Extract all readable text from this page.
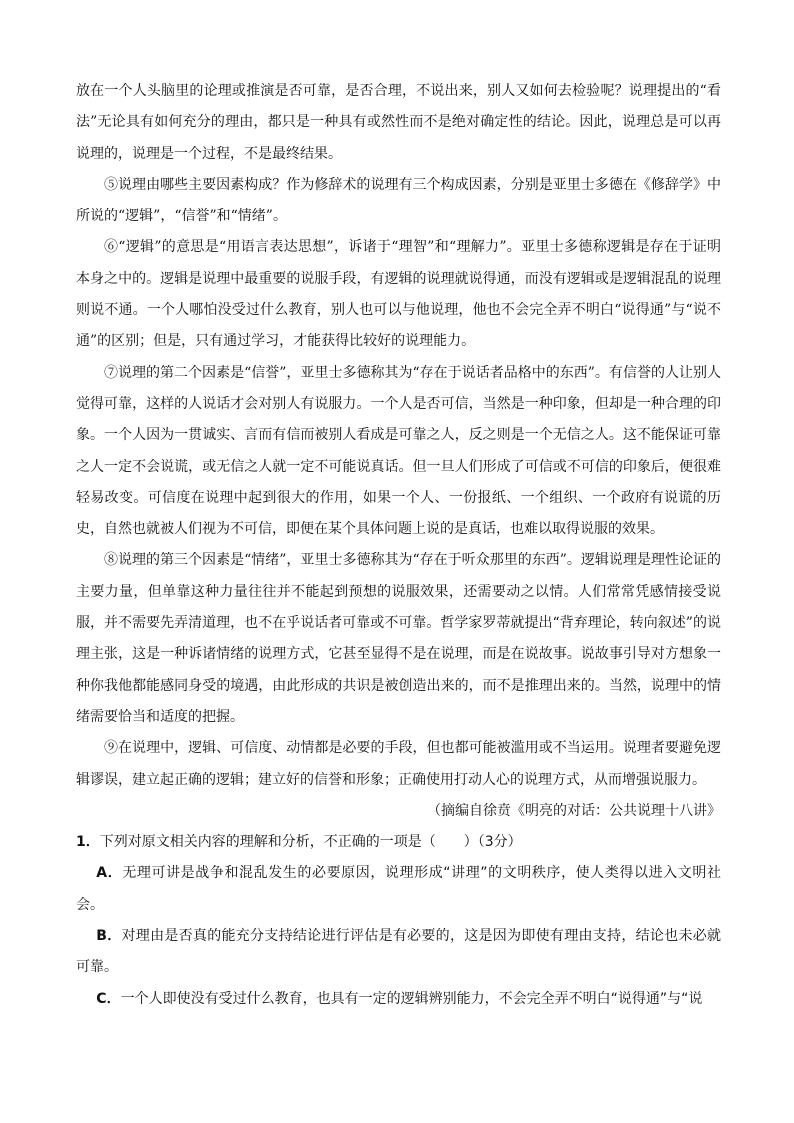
放在一个人头脑里的论理或推演是否可靠，是否合理，不说出来，别人又如何去检验呢？说理提出的“看法”无论具有如何充分的理由，都只是一种具有或然性而不是绝对确定性的结论。因此，说理总是可以再说理的，说理是一个过程，不是最终结果。

⑤说理由哪些主要因素构成？作为修辞术的说理有三个构成因素，分别是亚里士多德在《修辞学》中所说的“逻辑”，“信誉”和“情绪”。

⑥“逻辑”的意思是“用语言表达思想”，诉诸于“理智”和“理解力”。亚里士多德称逻辑是存在于证明本身之中的。逻辑是说理中最重要的说服手段，有逻辑的说理就说得通，而没有逻辑或是逻辑混乱的说理则说不通。一个人哪怕没受过什么教育，别人也可以与他说理，他也不会完全弄不明白“说得通”与“说不通”的区别；但是，只有通过学习，才能获得比较好的说理能力。

⑦说理的第二个因素是“信誉”，亚里士多德称其为“存在于说话者品格中的东西”。有信誉的人让别人觉得可靠，这样的人说话才会对别人有说服力。一个人是否可信，当然是一种印象，但却是一种合理的印象。一个人因为一贯诚实、言而有信而被别人看成是可靠之人，反之则是一个无信之人。这不能保证可靠之人一定不会说谎，或无信之人就一定不可能说真话。但一旦人们形成了可信或不可信的印象后，便很难轻易改变。可信度在说理中起到很大的作用，如果一个人、一份报纸、一个组织、一个政府有说谎的历史，自然也就被人们视为不可信，即便在某个具体问题上说的是真话，也难以取得说服的效果。

⑧说理的第三个因素是“情绪”，亚里士多德称其为“存在于听众那里的东西”。逻辑说理是理性论证的主要力量，但单靠这种力量往往并不能起到预想的说服效果，还需要动之以情。人们常常凭感情接受说服，并不需要先弄清道理，也不在乎说话者可靠或不可靠。哲学家罗蒂就提出“背弃理论，转向叙述”的说理主张，这是一种诉诸情绪的说理方式，它甚至显得不是在说理，而是在说故事。说故事引导对方想象一种你我他都能感同身受的境遇，由此形成的共识是被创造出来的，而不是推理出来的。当然，说理中的情绪需要恰当和适度的把握。

⑨在说理中，逻辑、可信度、动情都是必要的手段，但也都可能被滥用或不当运用。说理者要避免逻辑谬误，建立起正确的逻辑；建立好的信誉和形象；正确使用打动人心的说理方式，从而增强说服力。

（摘编自徐贲《明亮的对话：公共说理十八讲》

1．下列对原文相关内容的理解和分析，不正确的一项是（　　）（3分）

A．无理可讲是战争和混乱发生的必要原因，说理形成“讲理”的文明秩序，使人类得以进入文明社会。

B．对理由是否真的能充分支持结论进行评估是有必要的，这是因为即使有理由支持，结论也未必就可靠。

C．一个人即使没有受过什么教育，也具有一定的逻辑辨别能力，不会完全弄不明白“说得通”与“说
